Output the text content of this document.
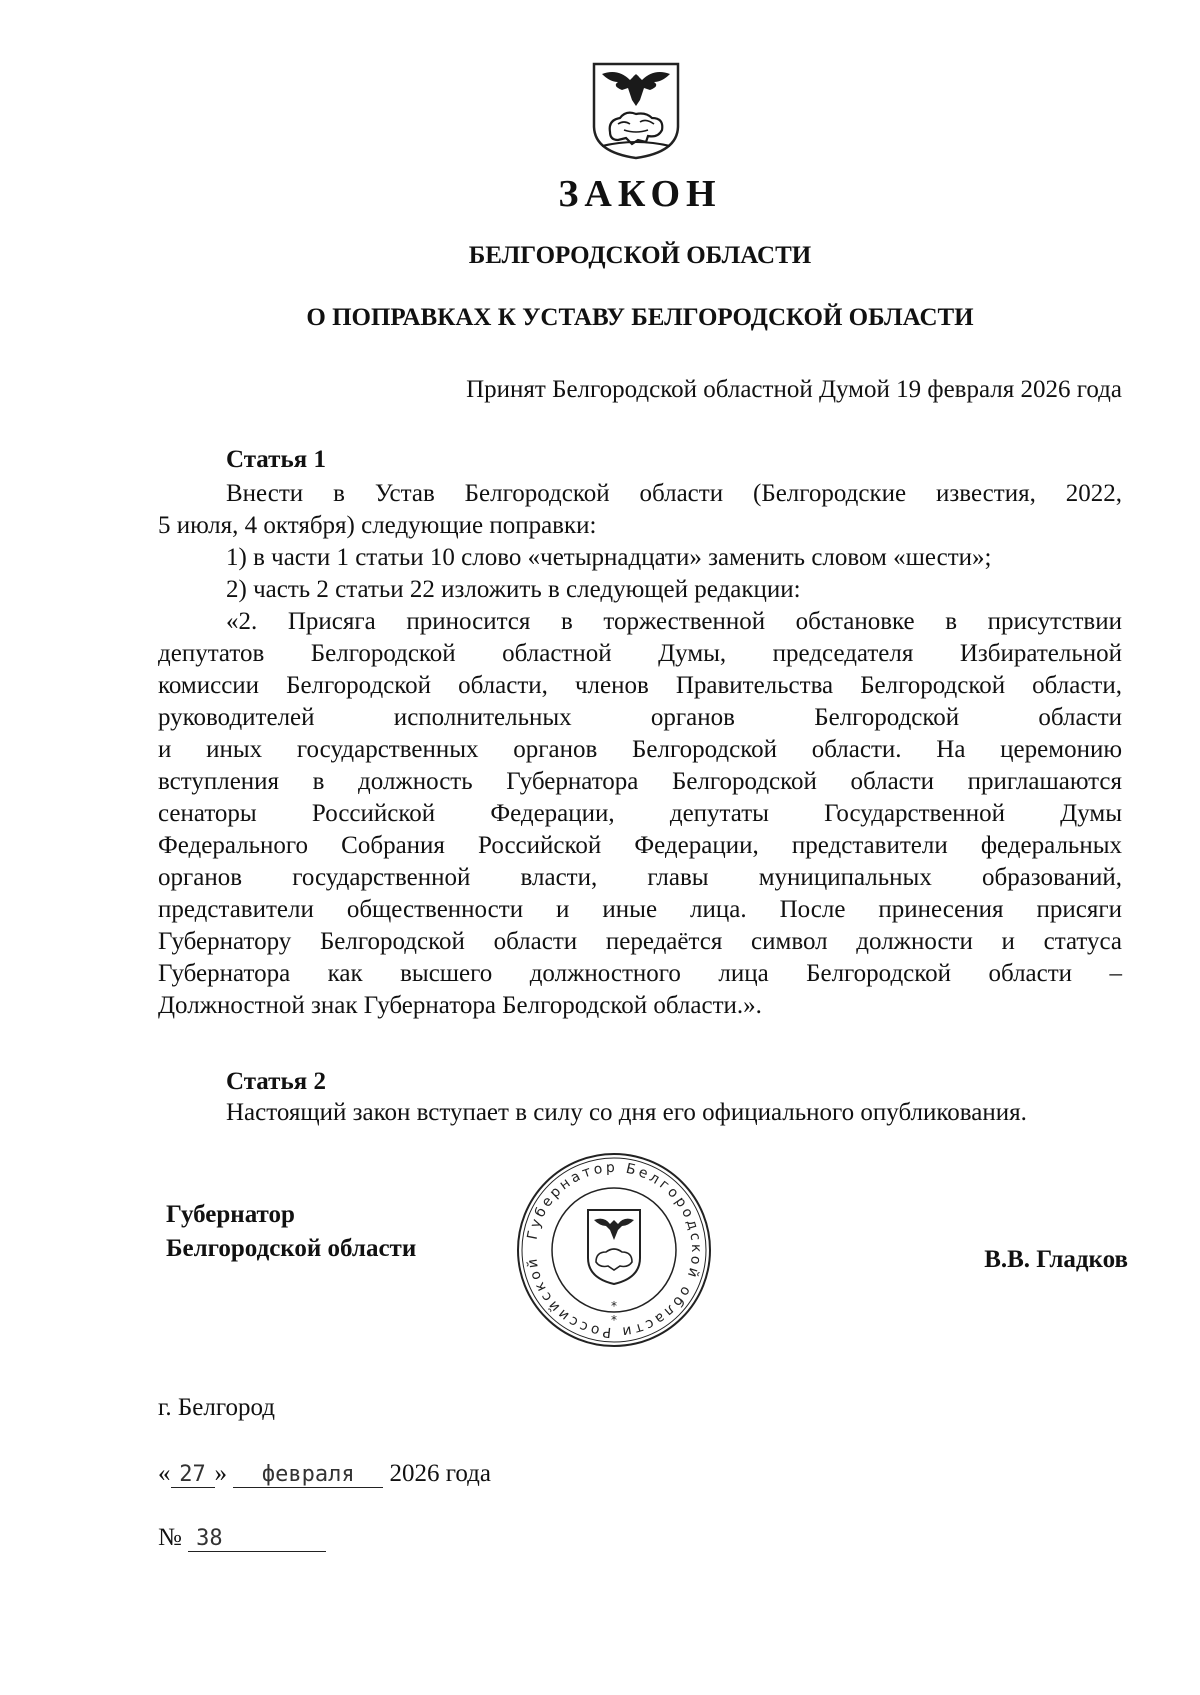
ЗАКОН
БЕЛГОРОДСКОЙ ОБЛАСТИ
О ПОПРАВКАХ К УСТАВУ БЕЛГОРОДСКОЙ ОБЛАСТИ
Принят Белгородской областной Думой 19 февраля 2026 года
Статья 1
Внести в Устав Белгородской области (Белгородские известия, 2022,
5 июля, 4 октября) следующие поправки:
1) в части 1 статьи 10 слово «четырнадцати» заменить словом «шести»;
2) часть 2 статьи 22 изложить в следующей редакции:
«2. Присяга приносится в торжественной обстановке в присутствии
депутатов Белгородской областной Думы, председателя Избирательной
комиссии Белгородской области, членов Правительства Белгородской области,
руководителей исполнительных органов Белгородской области
и иных государственных органов Белгородской области. На церемонию
вступления в должность Губернатора Белгородской области приглашаются
сенаторы Российской Федерации, депутаты Государственной Думы
Федерального Собрания Российской Федерации, представители федеральных
органов государственной власти, главы муниципальных образований,
представители общественности и иные лица. После принесения присяги
Губернатору Белгородской области передаётся символ должности и статуса
Губернатора как высшего должностного лица Белгородской области –
Должностной знак Губернатора Белгородской области.».
Статья 2
Настоящий закон вступает в силу со дня его официального опубликования.
Губернатор
Белгородской области	В.В. Гладков
Губернатор Белгородской области Российской
*
*
г. Белгород
« 27 » февраля 2026 года
№ 38
